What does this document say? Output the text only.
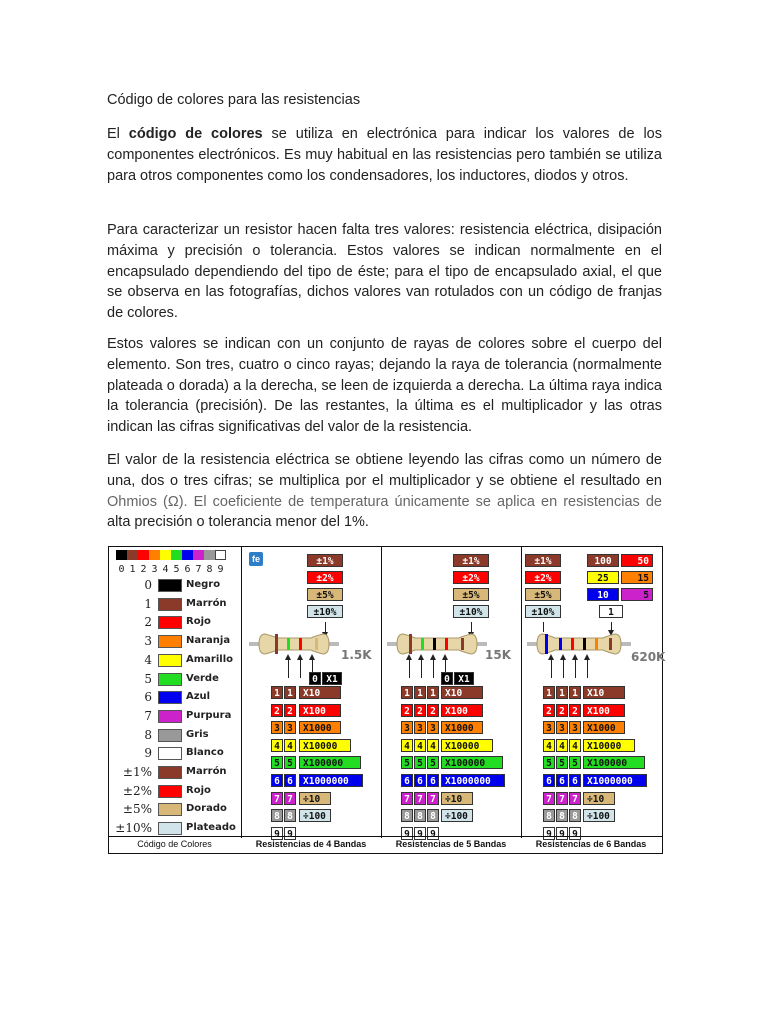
Código de colores para las resistencias

El código de colores se utiliza en electrónica para indicar los valores de los componentes electrónicos. Es muy habitual en las resistencias pero también se utiliza para otros componentes como los condensadores, los inductores, diodos y otros.

Para caracterizar un resistor hacen falta tres valores: resistencia eléctrica, disipación máxima y precisión o tolerancia. Estos valores se indican normalmente en el encapsulado dependiendo del tipo de éste; para el tipo de encapsulado axial, el que se observa en las fotografías, dichos valores van rotulados con un código de franjas de colores.

Estos valores se indican con un conjunto de rayas de colores sobre el cuerpo del elemento. Son tres, cuatro o cinco rayas; dejando la raya de tolerancia (normalmente plateada o dorada) a la derecha, se leen de izquierda a derecha. La última raya indica la tolerancia (precisión). De las restantes, la última es el multiplicador y las otras indican las cifras significativas del valor de la resistencia.

El valor de la resistencia eléctrica se obtiene leyendo las cifras como un número de una, dos o tres cifras; se multiplica por el multiplicador y se obtiene el resultado en Ohmios (Ω). El coeficiente de temperatura únicamente se aplica en resistencias de alta precisión o tolerancia menor del 1%.

0 1 2 3 4 5 6 7 8 9
0	Negro
1	Marrón
2	Rojo
3	Naranja
4	Amarillo
5	Verde
6	Azul
7	Purpura
8	Gris
9	Blanco
±1%	Marrón
±2%	Rojo
±5%	Dorado
±10%	Plateado
fe	±1%
±2%
±5%
±10%
1.5K
0 X1
1 1	X10
2 2	X100
3 3	X1000
4 4	X10000
5 5	X100000
6 6	X1000000
7 7	÷10
8 8	÷100
9 9
±1%
±2%
±5%
±10%
15K
0 X1
1 1 1 X10
2 2 2 X100
3 3 3 X1000
4 4 4 X10000
5 5 5 X100000
6 6 6 X1000000
7 7 7 ÷10
8 8 8 ÷100
9 9 9
±1%
±2%
±5%
±10%
100	50
25	15
10	5
1
620K
1 1 1 X10
2 2 2 X100
3 3 3 X1000
4 4 4 X10000
5 5 5 X100000
6 6 6 X1000000
7 7 7 ÷10
8 8 8 ÷100
9 9 9
Código de Colores	Resistencias de 4 Bandas	Resistencias de 5 Bandas	Resistencias de 6 Bandas
